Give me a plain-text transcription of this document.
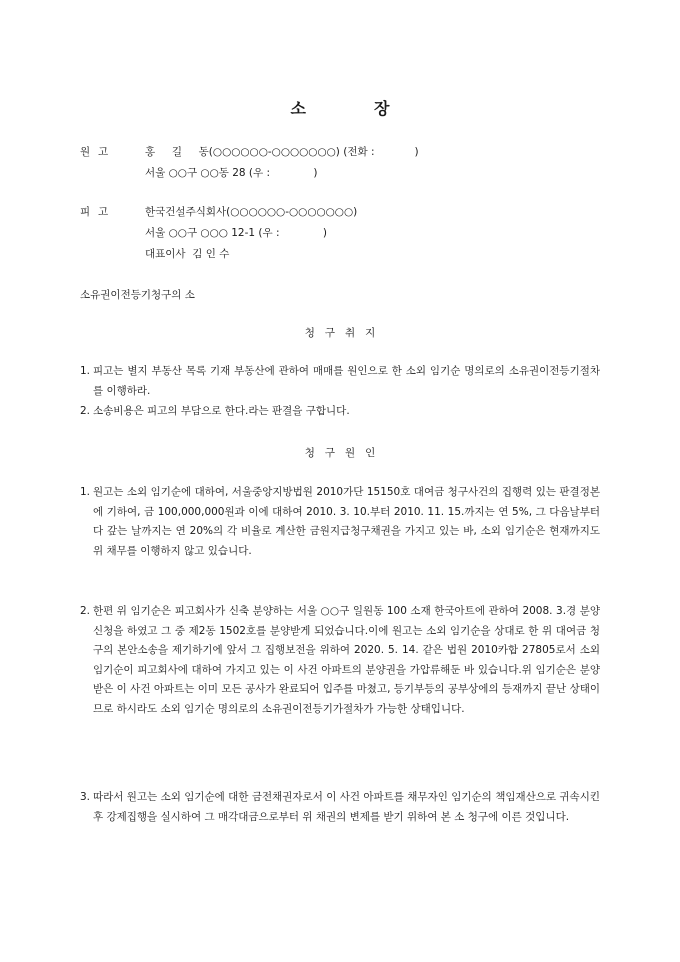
소	장
원 고	홍     길     동(○○○○○○-○○○○○○○) (전화 :            )
서울 ○○구 ○○동 28 (우 :             )
피 고	한국건설주식회사(○○○○○○-○○○○○○○)
서울 ○○구 ○○○ 12-1 (우 :             )
대표이사  김 인 수
소유권이전등기청구의 소
청 구 취 지
1. 피고는 별지 부동산 목록 기재 부동산에 관하여 매매를 원인으로 한 소외 임기순 명의로의 소유권이전등기절차를 이행하라.
2. 소송비용은 피고의 부담으로 한다.라는 판결을 구합니다.
청 구 원 인
1. 원고는 소외 임기순에 대하여, 서울중앙지방법원 2010가단 15150호 대여금 청구사건의 집행력 있는 판결정본에 기하여, 금 100,000,000원과 이에 대하여 2010. 3. 10.부터 2010. 11. 15.까지는 연 5%, 그 다음날부터 다 갚는 날까지는 연 20%의 각 비율로 계산한 금원지급청구채권을 가지고 있는 바, 소외 임기순은 현재까지도 위 채무를 이행하지 않고 있습니다.
2. 한편 위 임기순은 피고회사가 신축 분양하는 서울 ○○구 일원동 100 소재 한국아트에 관하여 2008. 3.경 분양신청을 하였고 그 중 제2동 1502호를 분양받게 되었습니다.이에 원고는 소외 임기순을 상대로 한 위 대여금 청구의 본안소송을 제기하기에 앞서 그 집행보전을 위하여 2020. 5. 14. 같은 법원 2010카합 27805로서 소외 임기순이 피고회사에 대하여 가지고 있는 이 사건 아파트의 분양권을 가압류해둔 바 있습니다.위 임기순은 분양받은 이 사건 아파트는 이미 모든 공사가 완료되어 입주를 마쳤고, 등기부등의 공부상에의 등재까지 끝난 상태이므로 하시라도 소외 임기순 명의로의 소유권이전등기가절차가 가능한 상태입니다.
3. 따라서 원고는 소외 임기순에 대한 금전채권자로서 이 사건 아파트를 채무자인 임기순의 책임재산으로 귀속시킨 후 강제집행을 실시하여 그 매각대금으로부터 위 채권의 변제를 받기 위하여 본 소 청구에 이른 것입니다.
